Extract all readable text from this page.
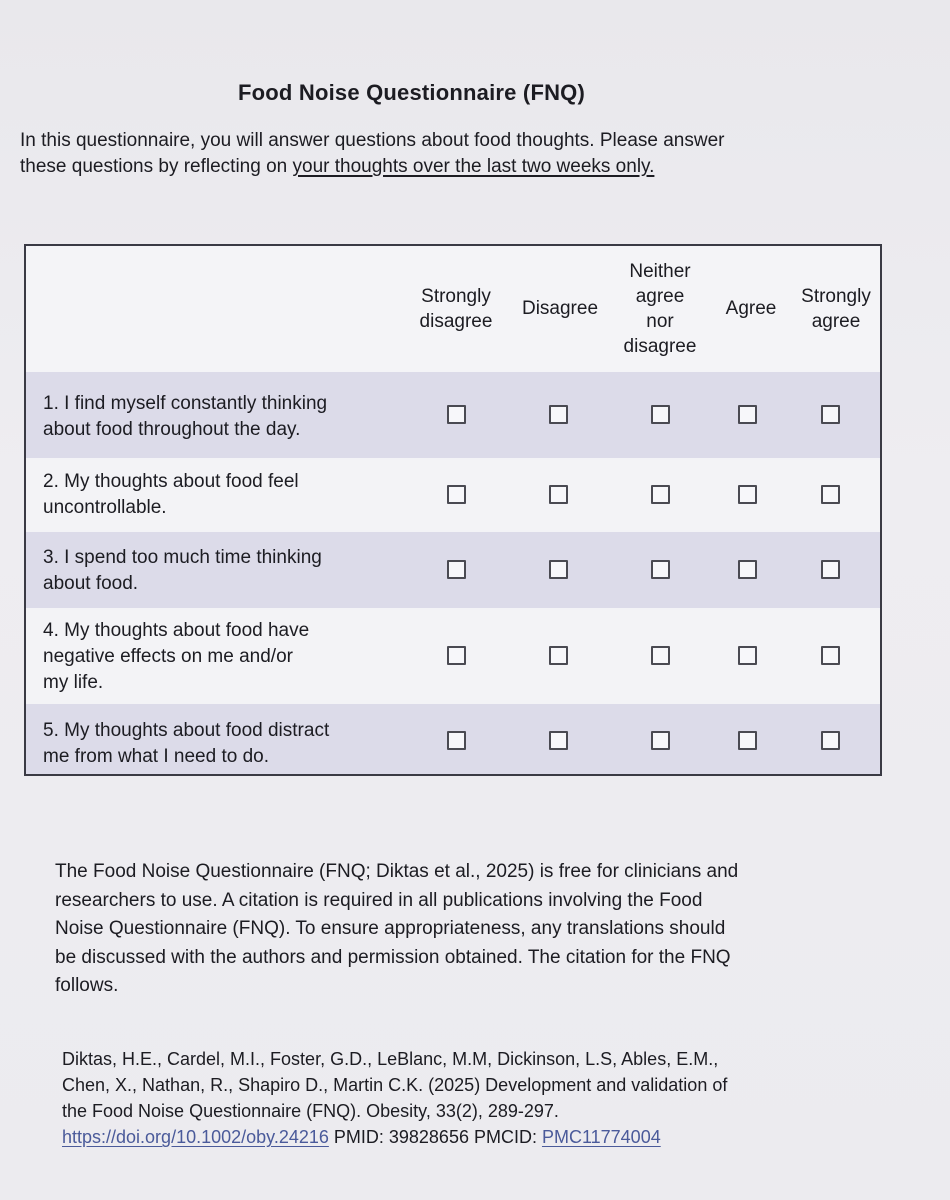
Food Noise Questionnaire (FNQ)
In this questionnaire, you will answer questions about food thoughts. Please answer
these questions by reflecting on your thoughts over the last two weeks only.
Strongly
disagree
Disagree
Neither
agree
nor
disagree
Agree
Strongly
agree
1. I find myself constantly thinking
about food throughout the day.
2. My thoughts about food feel
uncontrollable.
3. I spend too much time thinking
about food.
4. My thoughts about food have
negative effects on me and/or
my life.
5. My thoughts about food distract
me from what I need to do.
The Food Noise Questionnaire (FNQ; Diktas et al., 2025) is free for clinicians and
researchers to use. A citation is required in all publications involving the Food
Noise Questionnaire (FNQ). To ensure appropriateness, any translations should
be discussed with the authors and permission obtained. The citation for the FNQ
follows.
Diktas, H.E., Cardel, M.I., Foster, G.D., LeBlanc, M.M, Dickinson, L.S, Ables, E.M.,
Chen, X., Nathan, R., Shapiro D., Martin C.K. (2025) Development and validation of
the Food Noise Questionnaire (FNQ). Obesity, 33(2), 289-297.
https://doi.org/10.1002/oby.24216 PMID: 39828656 PMCID: PMC11774004
